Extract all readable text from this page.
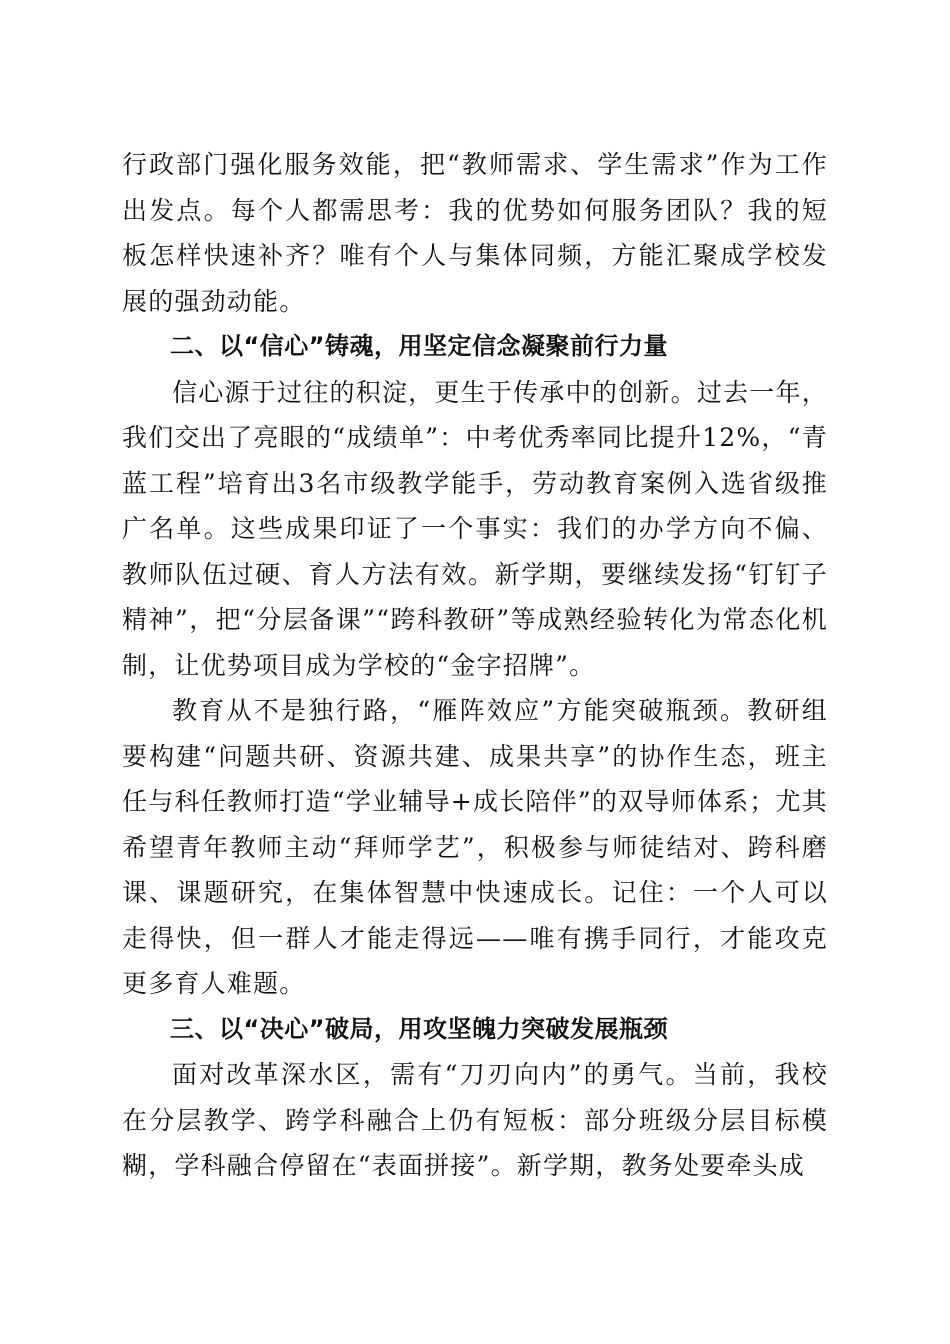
行政部门强化服务效能，把“教师需求、学生需求”作为工作出发点。每个人都需思考：我的优势如何服务团队？我的短板怎样快速补齐？唯有个人与集体同频，方能汇聚成学校发展的强劲动能。

二、以“信心”铸魂，用坚定信念凝聚前行力量

信心源于过往的积淀，更生于传承中的创新。过去一年，我们交出了亮眼的“成绩单”：中考优秀率同比提升12%，“青蓝工程”培育出3名市级教学能手，劳动教育案例入选省级推广名单。这些成果印证了一个事实：我们的办学方向不偏、教师队伍过硬、育人方法有效。新学期，要继续发扬“钉钉子精神”，把“分层备课”“跨科教研”等成熟经验转化为常态化机制，让优势项目成为学校的“金字招牌”。

教育从不是独行路，“雁阵效应”方能突破瓶颈。教研组要构建“问题共研、资源共建、成果共享”的协作生态，班主任与科任教师打造“学业辅导+成长陪伴”的双导师体系；尤其希望青年教师主动“拜师学艺”，积极参与师徒结对、跨科磨课、课题研究，在集体智慧中快速成长。记住：一个人可以走得快，但一群人才能走得远——唯有携手同行，才能攻克更多育人难题。

三、以“决心”破局，用攻坚魄力突破发展瓶颈

面对改革深水区，需有“刀刃向内”的勇气。当前，我校在分层教学、跨学科融合上仍有短板：部分班级分层目标模糊，学科融合停留在“表面拼接”。新学期，教务处要牵头成
